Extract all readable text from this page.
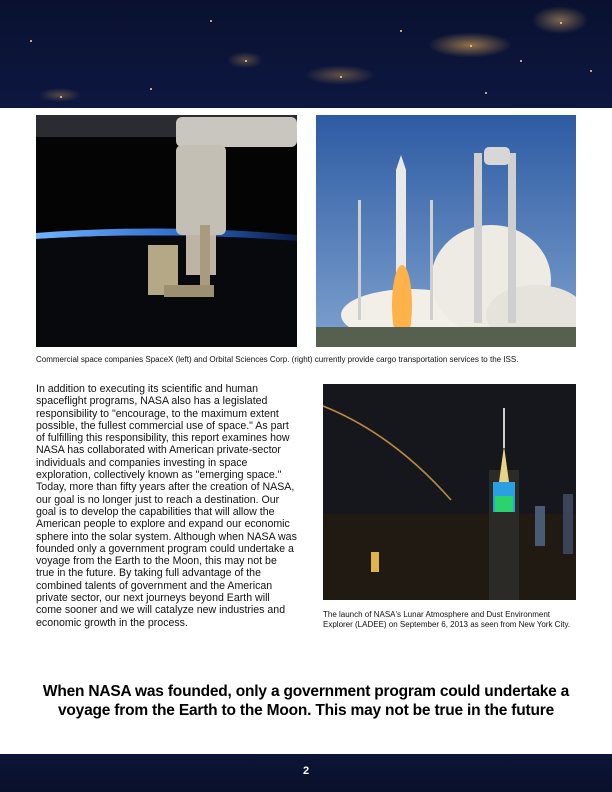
Commercial space companies SpaceX (left) and Orbital Sciences Corp. (right) currently provide cargo transportation services to the ISS.
In addition to executing its scientific and human spaceflight programs, NASA also has a legislated responsibility to "encourage, to the maximum extent possible, the fullest commercial use of space." As part of fulfilling this responsibility, this report examines how NASA has collaborated with American private-sector individuals and companies investing in space exploration, collectively known as "emerging space." Today, more than fifty years after the creation of NASA, our goal is no longer just to reach a destination. Our goal is to develop the capabilities that will allow the American people to explore and expand our economic sphere into the solar system. Although when NASA was founded only a government program could undertake a voyage from the Earth to the Moon, this may not be true in the future. By taking full advantage of the combined talents of government and the American private sector, our next journeys beyond Earth will come sooner and we will catalyze new industries and economic growth in the process.
The launch of NASA's Lunar Atmosphere and Dust Environment Explorer (LADEE) on September 6, 2013 as seen from New York City.
When NASA was founded, only a government program could undertake a voyage from the Earth to the Moon. This may not be true in the future
2
